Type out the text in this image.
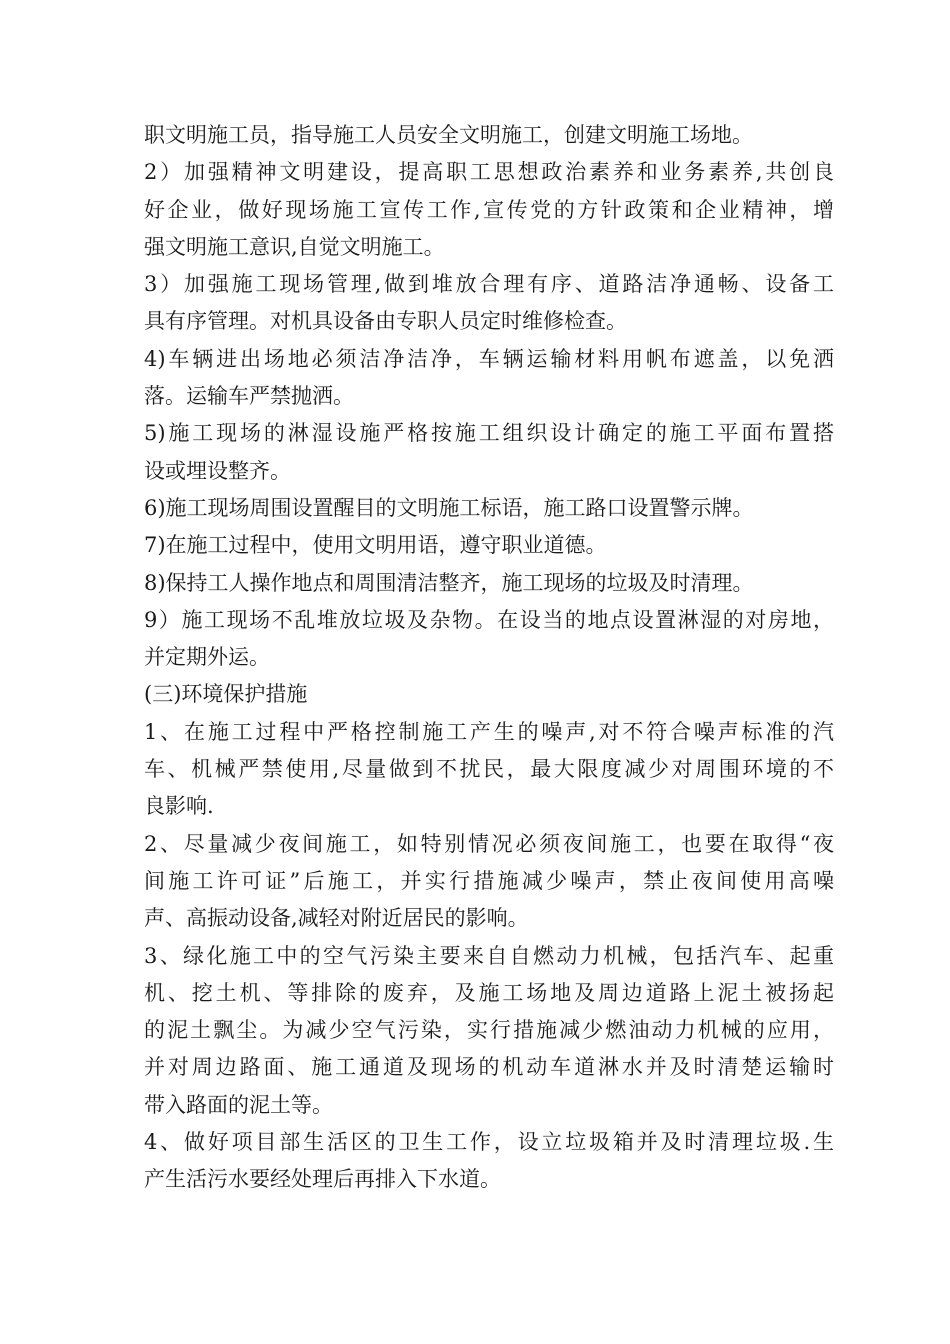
职文明施工员，指导施工人员安全文明施工，创建文明施工场地。
2）加强精神文明建设，提高职工思想政治素养和业务素养,共创良
好企业，做好现场施工宣传工作,宣传党的方针政策和企业精神，增
强文明施工意识,自觉文明施工。
3）加强施工现场管理,做到堆放合理有序、道路洁净通畅、设备工
具有序管理。对机具设备由专职人员定时维修检查。
4)车辆进出场地必须洁净洁净，车辆运输材料用帆布遮盖，以免洒
落。运输车严禁抛洒。
5)施工现场的淋湿设施严格按施工组织设计确定的施工平面布置搭
设或埋设整齐。
6)施工现场周围设置醒目的文明施工标语，施工路口设置警示牌。
7)在施工过程中，使用文明用语，遵守职业道德。
8)保持工人操作地点和周围清洁整齐，施工现场的垃圾及时清理。
9）施工现场不乱堆放垃圾及杂物。在设当的地点设置淋湿的对房地，
并定期外运。
(三)环境保护措施
1、在施工过程中严格控制施工产生的噪声,对不符合噪声标准的汽
车、机械严禁使用,尽量做到不扰民，最大限度减少对周围环境的不
良影响.
2、尽量减少夜间施工，如特别情况必须夜间施工，也要在取得“夜
间施工许可证”后施工，并实行措施减少噪声，禁止夜间使用高噪
声、高振动设备,减轻对附近居民的影响。
3、绿化施工中的空气污染主要来自自燃动力机械，包括汽车、起重
机、挖土机、等排除的废弃，及施工场地及周边道路上泥土被扬起
的泥土飘尘。为减少空气污染，实行措施减少燃油动力机械的应用，
并对周边路面、施工通道及现场的机动车道淋水并及时清楚运输时
带入路面的泥土等。
4、做好项目部生活区的卫生工作，设立垃圾箱并及时清理垃圾.生
产生活污水要经处理后再排入下水道。
